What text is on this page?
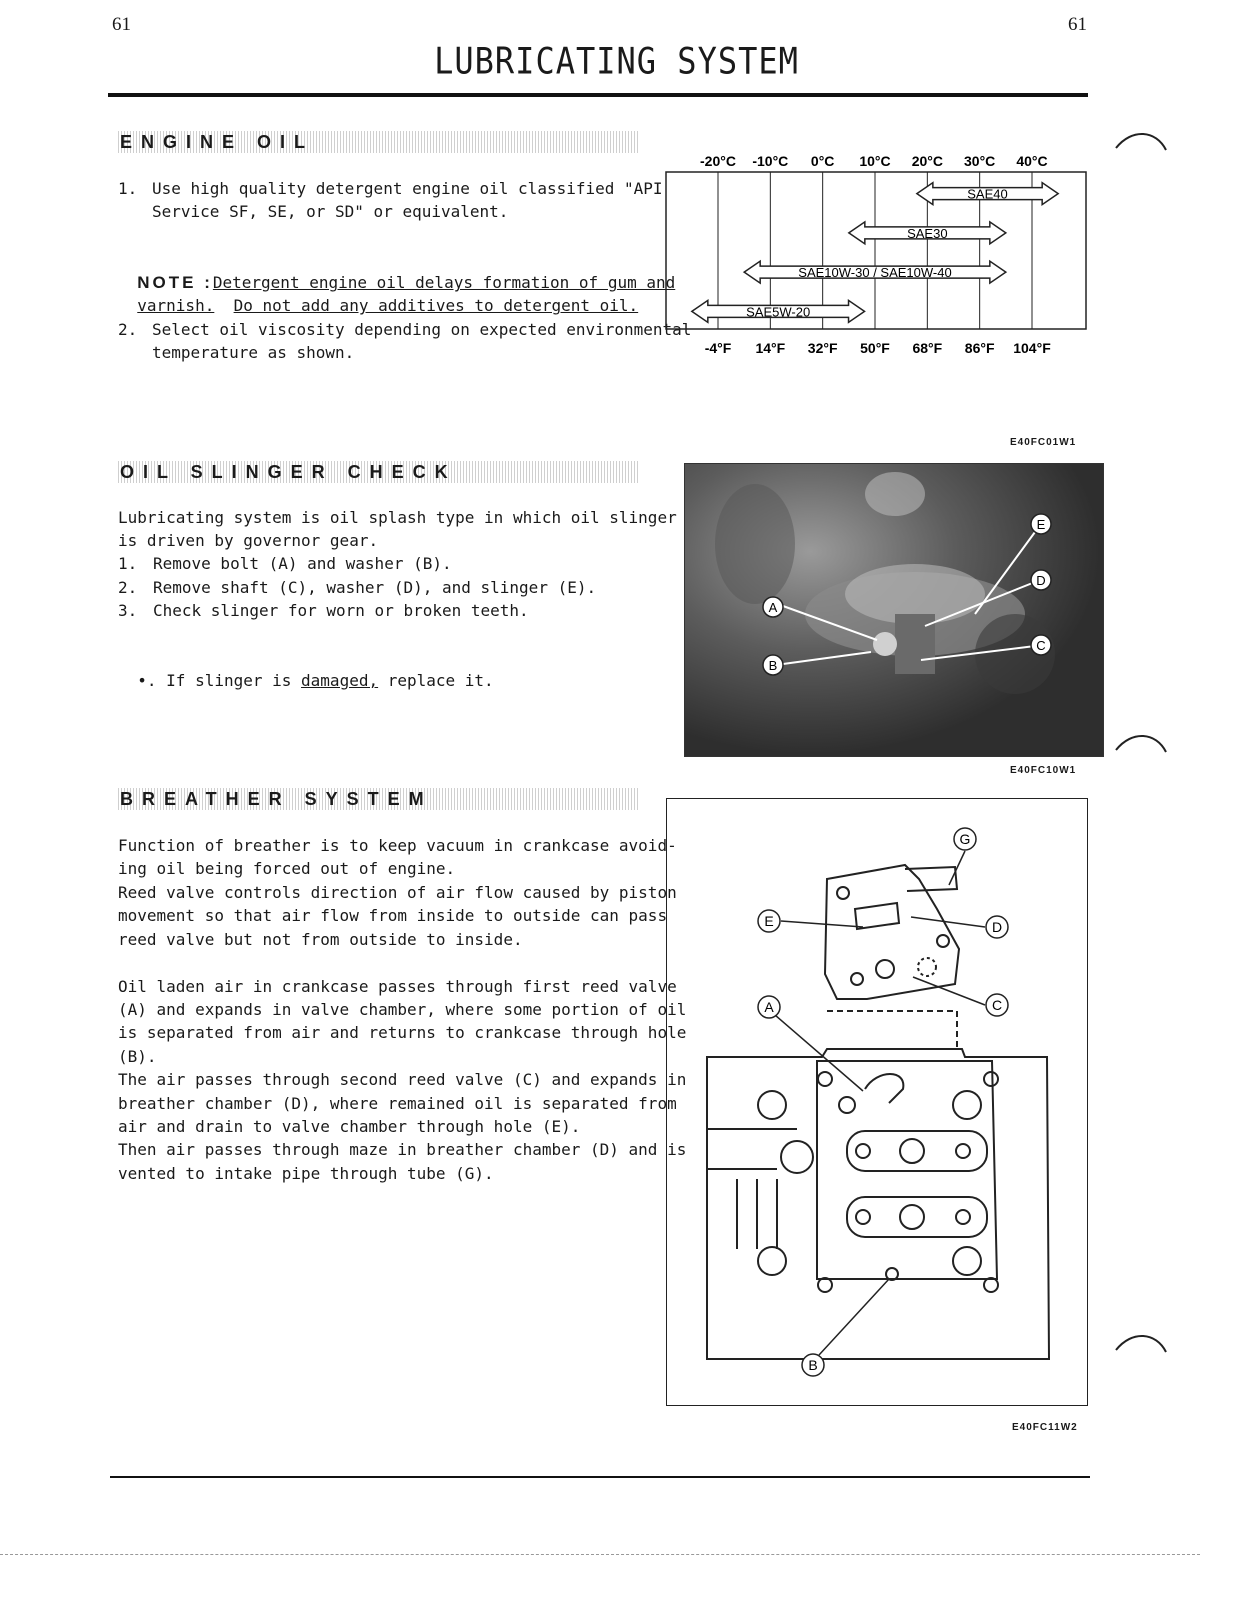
61	61
LUBRICATING SYSTEM
ENGINE OIL
1. Use high quality detergent engine oil classified "API
Service SF, SE, or SD" or equivalent.

NOTE :Detergent engine oil delays formation of gum and

varnish. Do not add any additives to detergent oil.

2. Select oil viscosity depending on expected environmental
temperature as shown.
-20°C -10°C 0°C 10°C 20°C 30°C 40°C
SAE40
SAE30
SAE10W-30 / SAE10W-40
SAE5W-20
-4°F 14°F 32°F 50°F 68°F 86°F 104°F
E40FC01W1
OIL SLINGER CHECK
Lubricating system is oil splash type in which oil slinger
is driven by governor gear.
1. Remove bolt (A) and washer (B).
2. Remove shaft (C), washer (D), and slinger (E).
3. Check slinger for worn or broken teeth.

•. If slinger is damaged, replace it.

E
D
A
C
B
E40FC10W1
BREATHER SYSTEM
Function of breather is to keep vacuum in crankcase avoid-
ing oil being forced out of engine.
Reed valve controls direction of air flow caused by piston
movement so that air flow from inside to outside can pass
reed valve but not from outside to inside.
Oil laden air in crankcase passes through first reed valve
(A) and expands in valve chamber, where some portion of oil
is separated from air and returns to crankcase through hole
(B).
The air passes through second reed valve (C) and expands in
breather chamber (D), where remained oil is separated from
air and drain to valve chamber through hole (E).
Then air passes through maze in breather chamber (D) and is
vented to intake pipe through tube (G).
G
E	D
A	C
B
E40FC11W2
